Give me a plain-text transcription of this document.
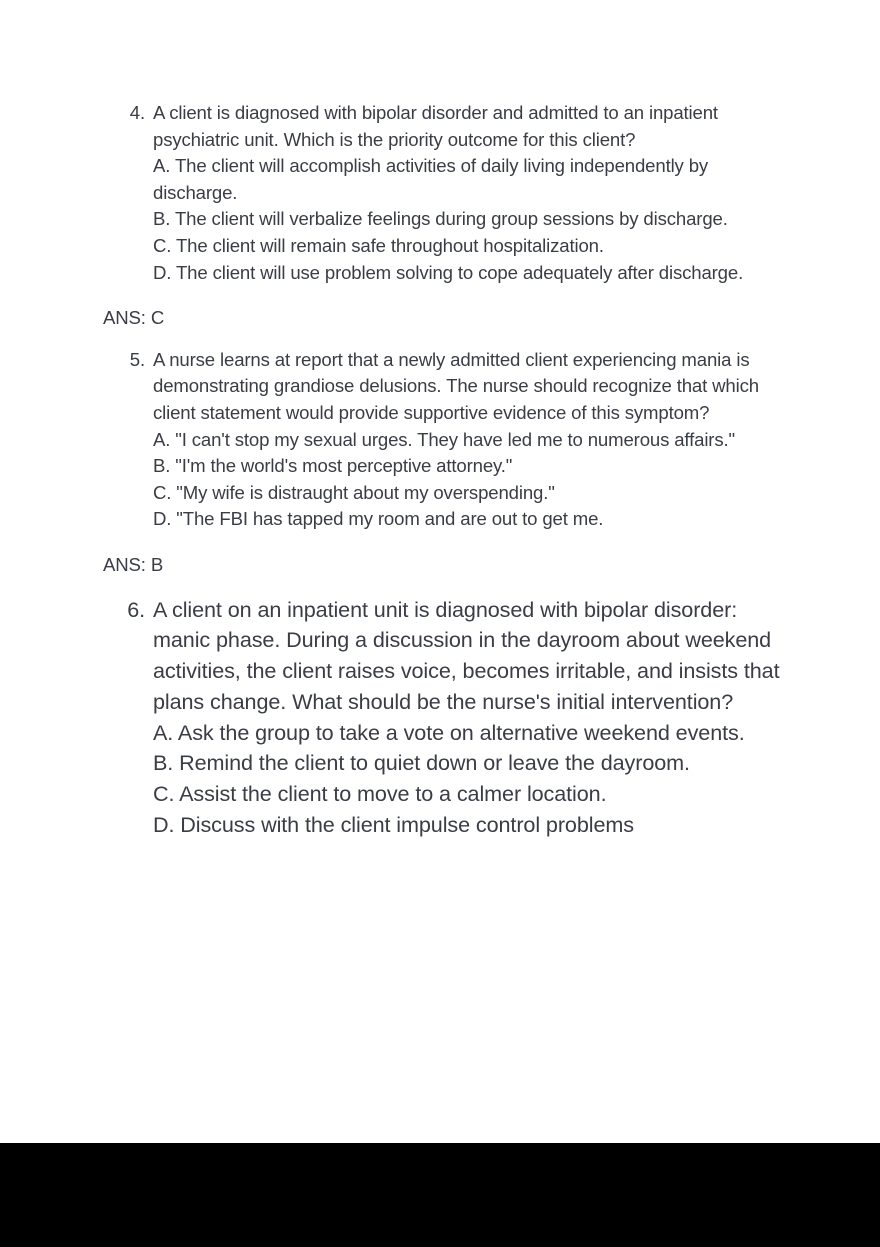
4. A client is diagnosed with bipolar disorder and admitted to an inpatient psychiatric unit. Which is the priority outcome for this client?

A. The client will accomplish activities of daily living independently by discharge.

B. The client will verbalize feelings during group sessions by discharge.

C. The client will remain safe throughout hospitalization.

D. The client will use problem solving to cope adequately after discharge.

ANS: C

5. A nurse learns at report that a newly admitted client experiencing mania is demonstrating grandiose delusions. The nurse should recognize that which client statement would provide supportive evidence of this symptom?

A. "I can't stop my sexual urges. They have led me to numerous affairs."

B. "I'm the world's most perceptive attorney."

C. "My wife is distraught about my overspending."

D. "The FBI has tapped my room and are out to get me.

ANS: B

6. A client on an inpatient unit is diagnosed with bipolar disorder: manic phase. During a discussion in the dayroom about weekend activities, the client raises voice, becomes irritable, and insists that plans change. What should be the nurse's initial intervention?

A. Ask the group to take a vote on alternative weekend events.

B. Remind the client to quiet down or leave the dayroom.

C. Assist the client to move to a calmer location.

D. Discuss with the client impulse control problems
